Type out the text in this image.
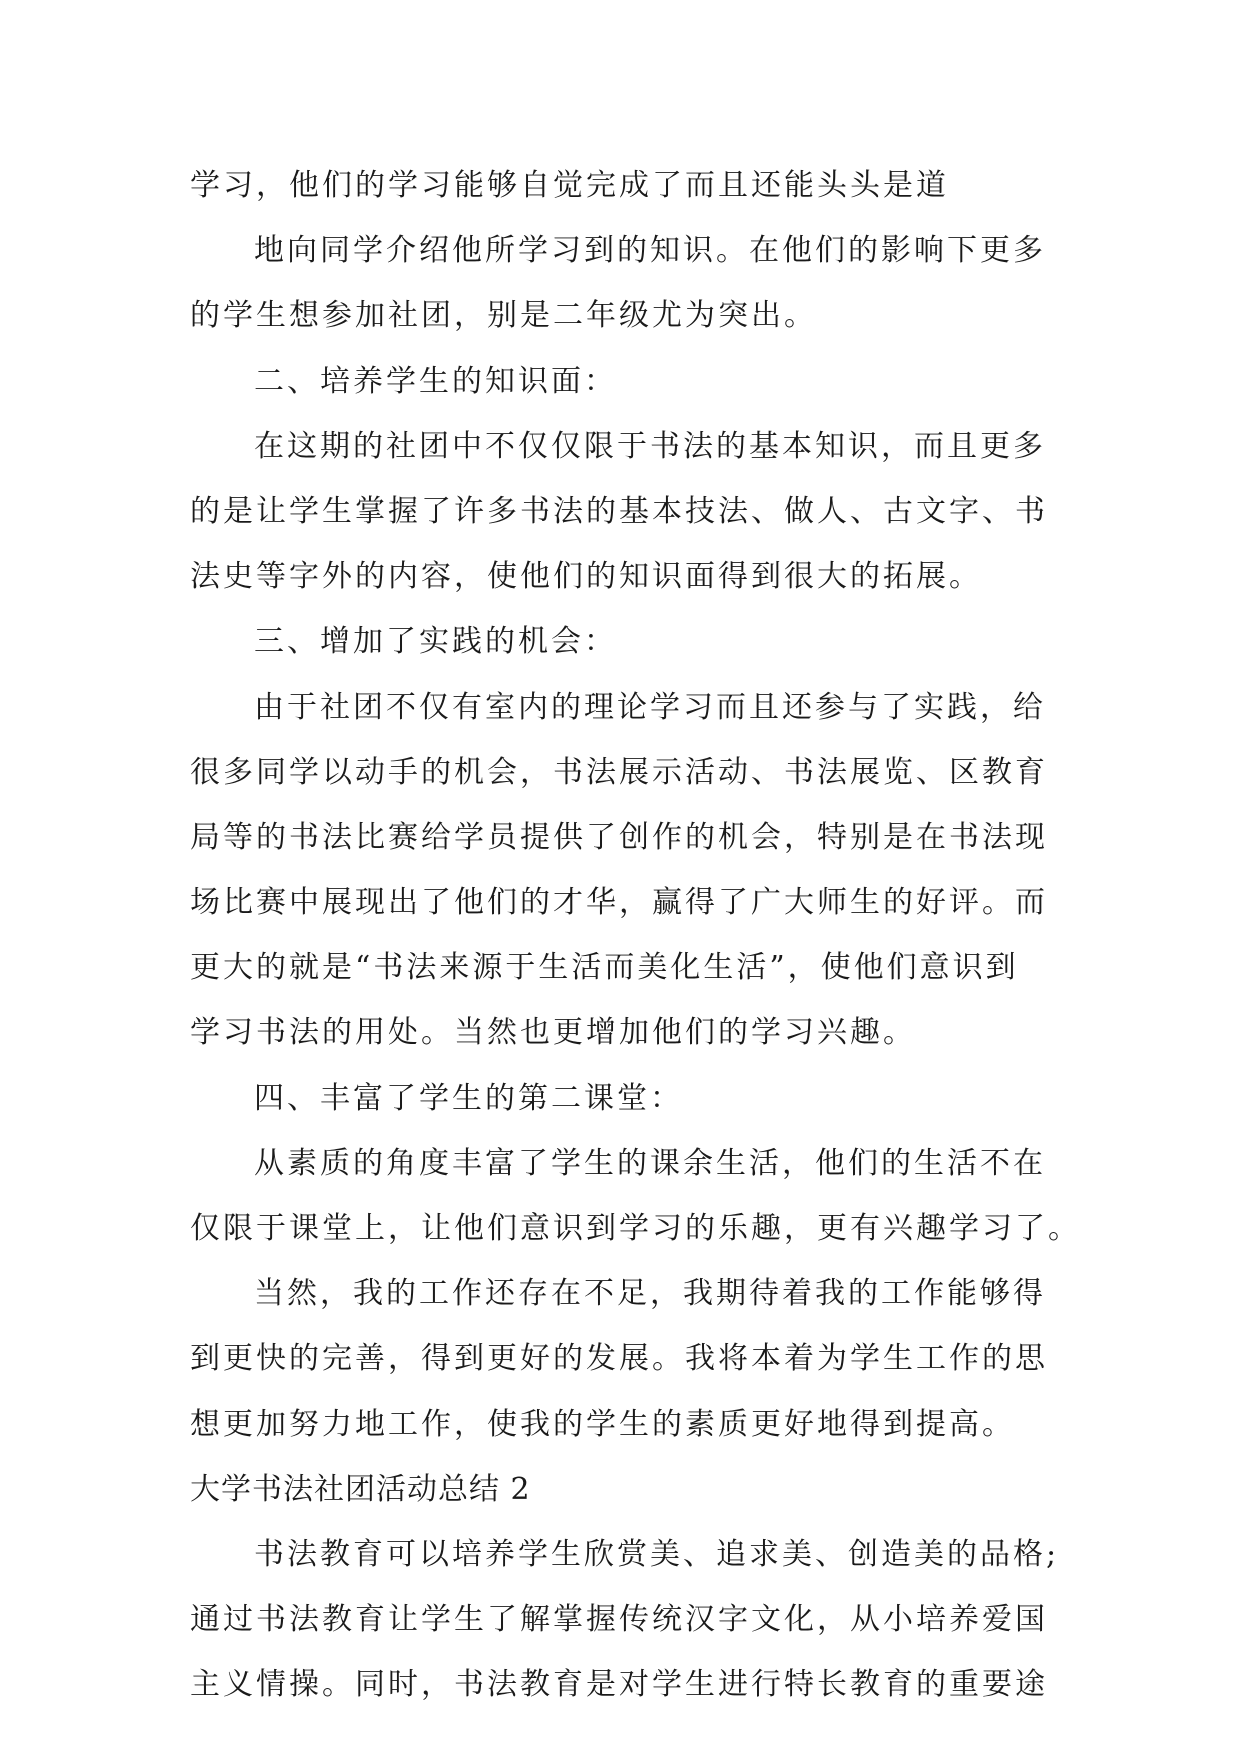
学习，他们的学习能够自觉完成了而且还能头头是道
地向同学介绍他所学习到的知识。在他们的影响下更多
的学生想参加社团，别是二年级尤为突出。
二、培养学生的知识面：
在这期的社团中不仅仅限于书法的基本知识，而且更多
的是让学生掌握了许多书法的基本技法、做人、古文字、书
法史等字外的内容，使他们的知识面得到很大的拓展。
三、增加了实践的机会：
由于社团不仅有室内的理论学习而且还参与了实践，给
很多同学以动手的机会，书法展示活动、书法展览、区教育
局等的书法比赛给学员提供了创作的机会，特别是在书法现
场比赛中展现出了他们的才华，赢得了广大师生的好评。而
更大的就是“书法来源于生活而美化生活”，使他们意识到
学习书法的用处。当然也更增加他们的学习兴趣。
四、丰富了学生的第二课堂：
从素质的角度丰富了学生的课余生活，他们的生活不在
仅限于课堂上，让他们意识到学习的乐趣，更有兴趣学习了。
当然，我的工作还存在不足，我期待着我的工作能够得
到更快的完善，得到更好的发展。我将本着为学生工作的思
想更加努力地工作，使我的学生的素质更好地得到提高。
大学书法社团活动总结 2
书法教育可以培养学生欣赏美、追求美、创造美的品格;
通过书法教育让学生了解掌握传统汉字文化，从小培养爱国
主义情操。同时，书法教育是对学生进行特长教育的重要途
